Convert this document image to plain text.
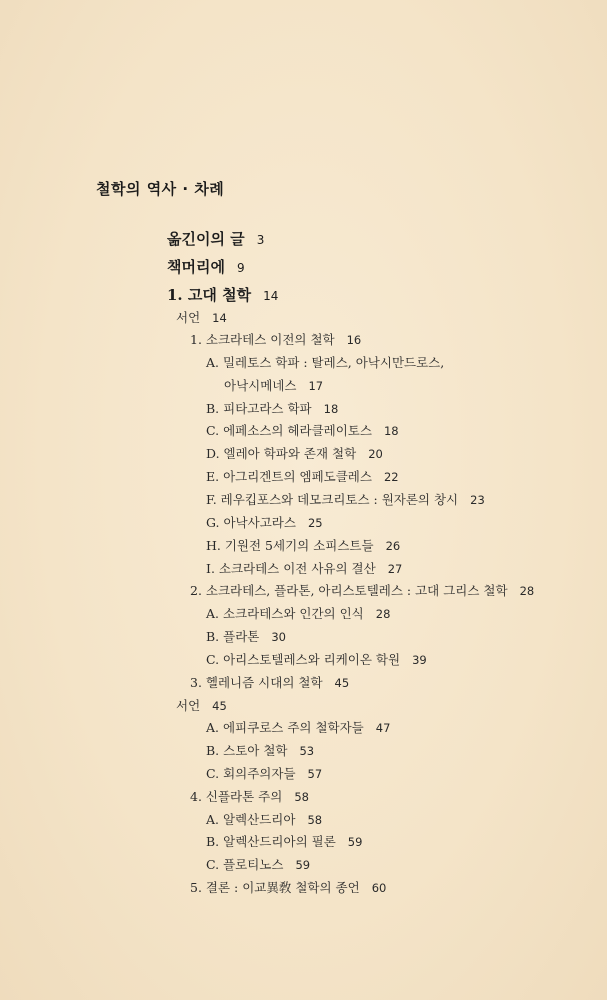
철학의 역사 · 차례
옮긴이의 글 3
책머리에 9
1. 고대 철학 14
서언 14
1. 소크라테스 이전의 철학 16
A. 밀레토스 학파 : 탈레스, 아낙시만드로스,
아낙시메네스 17
B. 피타고라스 학파 18
C. 에페소스의 헤라클레이토스 18
D. 엘레아 학파와 존재 철학 20
E. 아그리겐트의 엠페도클레스 22
F. 레우킵포스와 데모크리토스 : 원자론의 창시 23
G. 아낙사고라스 25
H. 기원전 5세기의 소피스트들 26
I. 소크라테스 이전 사유의 결산 27
2. 소크라테스, 플라톤, 아리스토텔레스 : 고대 그리스 철학 28
A. 소크라테스와 인간의 인식 28
B. 플라톤 30
C. 아리스토텔레스와 리케이온 학원 39
3. 헬레니즘 시대의 철학 45
서언 45
A. 에피쿠로스 주의 철학자들 47
B. 스토아 철학 53
C. 회의주의자들 57
4. 신플라톤 주의 58
A. 알렉산드리아 58
B. 알렉산드리아의 필론 59
C. 플로티노스 59
5. 결론 : 이교異敎 철학의 종언 60
